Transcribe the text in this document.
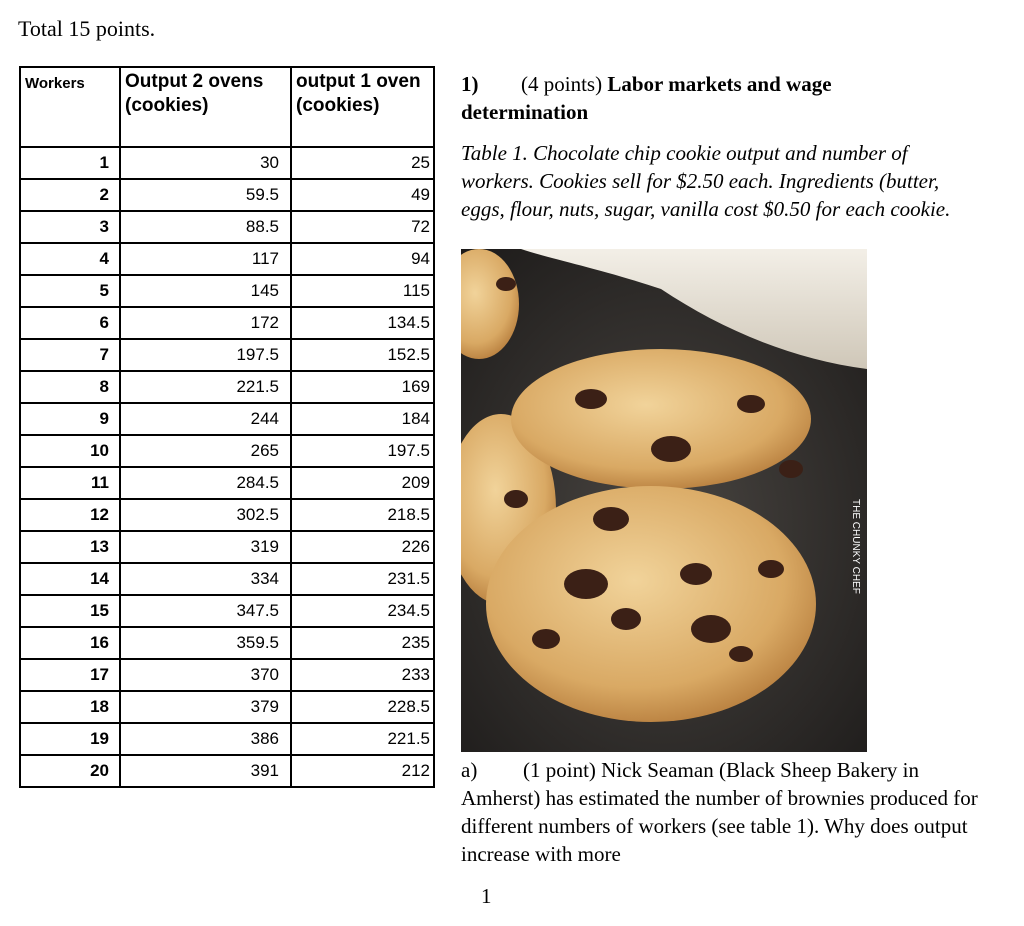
Total 15 points.
Workers	Output 2 ovens (cookies)	output 1 oven (cookies)
1	30	25
2	59.5	49
3	88.5	72
4	117	94
5	145	115
6	172	134.5
7	197.5	152.5
8	221.5	169
9	244	184
10	265	197.5
11	284.5	209
12	302.5	218.5
13	319	226
14	334	231.5
15	347.5	234.5
16	359.5	235
17	370	233
18	379	228.5
19	386	221.5
20	391	212
1) (4 points) Labor markets and wage determination
Table 1. Chocolate chip cookie output and number of workers. Cookies sell for $2.50 each. Ingredients (butter, eggs, flour, nuts, sugar, vanilla cost $0.50 for each cookie.
THE CHUNKY CHEF
a) (1 point) Nick Seaman (Black Sheep Bakery in Amherst) has estimated the number of brownies produced for different numbers of workers (see table 1). Why does output increase with more
1
